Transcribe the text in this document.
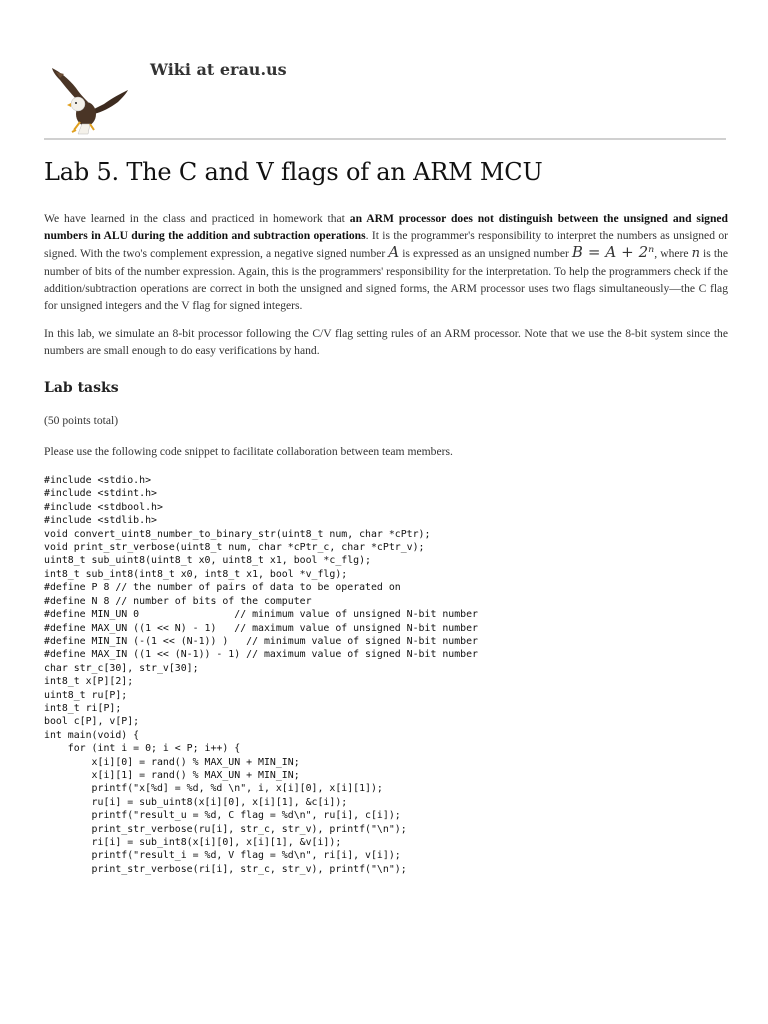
Wiki at erau.us
Lab 5. The C and V flags of an ARM MCU

We have learned in the class and practiced in homework that an ARM processor does not distinguish between the unsigned and signed numbers in ALU during the addition and subtraction operations. It is the programmer's responsibility to interpret the numbers as unsigned or signed. With the two's complement expression, a negative signed number A is expressed as an unsigned number B = A + 2ⁿ, where n is the number of bits of the number expression. Again, this is the programmers' responsibility for the interpretation. To help the programmers check if the addition/subtraction operations are correct in both the unsigned and signed forms, the ARM processor uses two flags simultaneously—the C flag for unsigned integers and the V flag for signed integers.

In this lab, we simulate an 8-bit processor following the C/V flag setting rules of an ARM processor. Note that we use the 8-bit system since the numbers are small enough to do easy verifications by hand.

Lab tasks

(50 points total)

Please use the following code snippet to facilitate collaboration between team members.

#include <stdio.h>
#include <stdint.h>
#include <stdbool.h>
#include <stdlib.h>
void convert_uint8_number_to_binary_str(uint8_t num, char *cPtr);
void print_str_verbose(uint8_t num, char *cPtr_c, char *cPtr_v);
uint8_t sub_uint8(uint8_t x0, uint8_t x1, bool *c_flg);
int8_t sub_int8(int8_t x0, int8_t x1, bool *v_flg);
#define P 8 // the number of pairs of data to be operated on
#define N 8 // number of bits of the computer
#define MIN_UN 0                // minimum value of unsigned N-bit number
#define MAX_UN ((1 << N) - 1)   // maximum value of unsigned N-bit number
#define MIN_IN (-(1 << (N-1)) )   // minimum value of signed N-bit number
#define MAX_IN ((1 << (N-1)) - 1) // maximum value of signed N-bit number
char str_c[30], str_v[30];
int8_t x[P][2];
uint8_t ru[P];
int8_t ri[P];
bool c[P], v[P];
int main(void) {
for (int i = 0; i < P; i++) {
x[i][0] = rand() % MAX_UN + MIN_IN;
x[i][1] = rand() % MAX_UN + MIN_IN;
printf("x[%d] = %d, %d \n", i, x[i][0], x[i][1]);
ru[i] = sub_uint8(x[i][0], x[i][1], &c[i]);
printf("result_u = %d, C flag = %d\n", ru[i], c[i]);
print_str_verbose(ru[i], str_c, str_v), printf("\n");
ri[i] = sub_int8(x[i][0], x[i][1], &v[i]);
printf("result_i = %d, V flag = %d\n", ri[i], v[i]);
print_str_verbose(ri[i], str_c, str_v), printf("\n");
